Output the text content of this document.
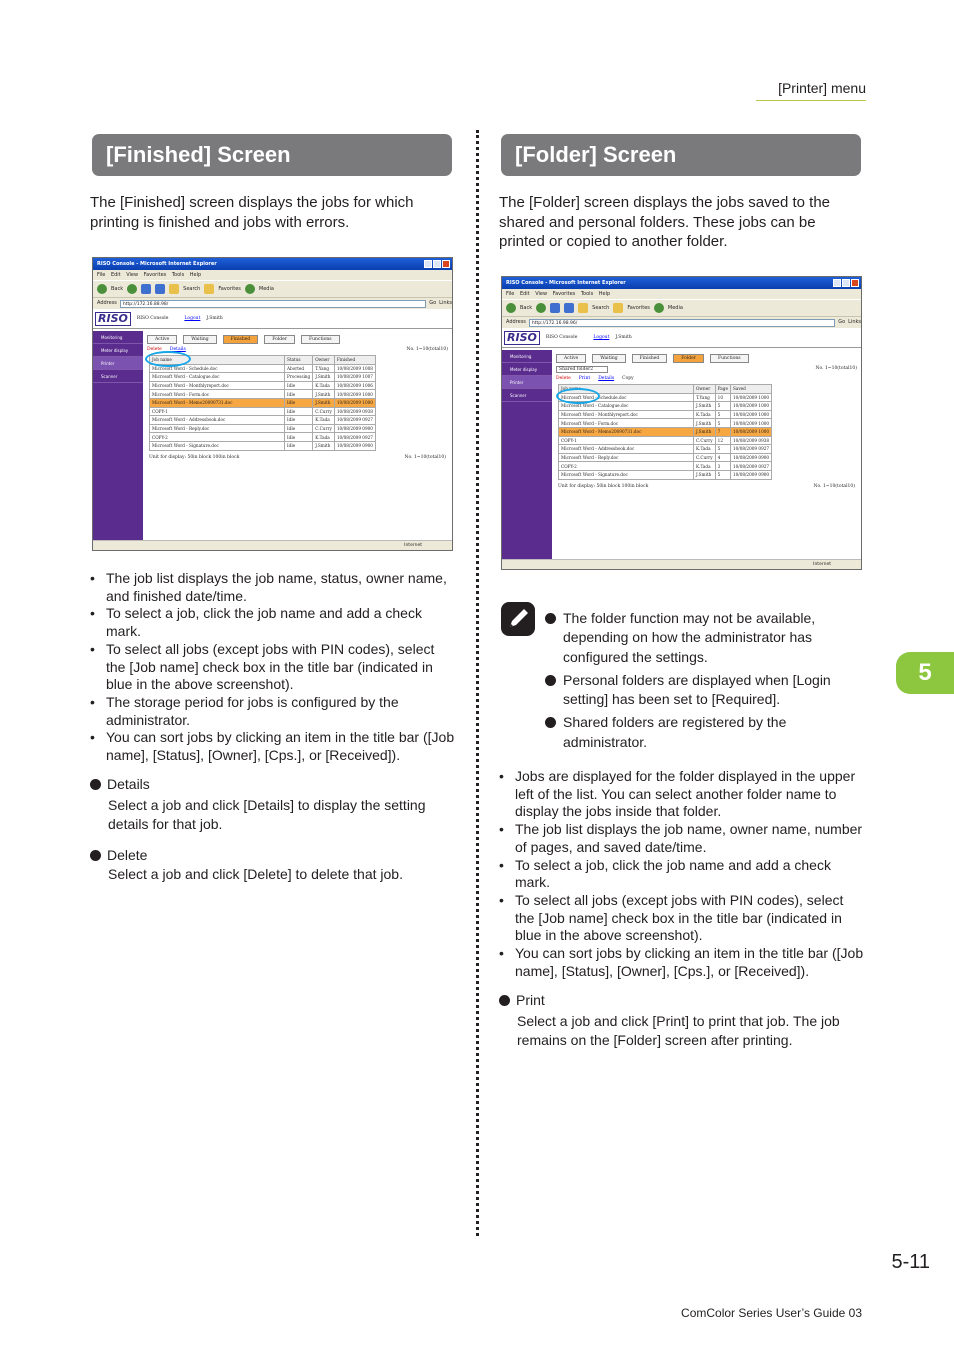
[Printer] menu
[Finished] Screen
The [Finished] screen displays the jobs for which printing is finished and jobs with errors.
RISO Console - Microsoft Internet Explorer
File Edit View Favorites Tools Help
Back	Search	Favorites	Media
Address	http://172.16.88.98/	Go Links
RISO	RISO Console	Logout J.Smith
Monitoring
Meter display
Printer
Scanner
Active	Waiting	Finished	Folder	Functions
Delete Details	No. 1~10(total10)
Job name	Status	Owner	Finished
Microsoft Word - Schedule.doc	Aborted	T.Yang	10/08/2009 1008
Microsoft Word - Catalogue.doc	Processing	J.Smith	10/08/2009 1007
Microsoft Word - Monthlyreport.doc	Idle	K.Tada	10/08/2009 1006
Microsoft Word - Form.doc	Idle	J.Smith	10/08/2009 1000
Microsoft Word - Memo20090731.doc	Idle	J.Smith	10/08/2009 1000
COPY-1	Idle	C.Curry	10/08/2009 0938
Microsoft Word - Addressbook.doc	Idle	K.Tada	10/08/2009 0927
Microsoft Word - Reply.doc	Idle	C.Curry	10/08/2009 0900
COPY-2	Idle	K.Tada	10/08/2009 0927
Microsoft Word - Signature.doc	Idle	J.Smith	10/08/2009 0900
Unit for display:
50in block
100in block	No. 1~10(total10)
Internet
• The job list displays the job name, status, owner name, and finished date/time.
• To select a job, click the job name and add a check mark.
• To select all jobs (except jobs with PIN codes), select the [Job name] check box in the title bar (indicated in blue in the above screenshot).
• The storage period for jobs is configured by the administrator.
• You can sort jobs by clicking an item in the title bar ([Job name], [Status], [Owner], [Cps.], or [Received]).
Details
Select a job and click [Details] to display the setting details for that job.
Delete
Select a job and click [Delete] to delete that job.
[Folder] Screen
The [Folder] screen displays the jobs saved to the shared and personal folders. These jobs can be printed or copied to another folder.
RISO Console - Microsoft Internet Explorer
File Edit View Favorites Tools Help
Back	Search	Favorites	Media
Address	http://172.16.98.96/	Go Links
RISO	RISO Console	Logout J.Smith
Monitoring
Meter display
Printer
Scanner
Active	Waiting	Finished	Folder	Functions
Shared folder2	No. 1~10(total10)
Delete Print Details Copy
Job name	Owner	Page	Saved
Microsoft Word - Schedule.doc	T.Yang	10	10/08/2009 1000
Microsoft Word - Catalogue.doc	J.Smith	5	10/08/2009 1000
Microsoft Word - Monthlyreport.doc	K.Tada	5	10/08/2009 1000
Microsoft Word - Form.doc	J.Smith	5	10/08/2009 1000
Microsoft Word - Memo20090731.doc	J.Smith	7	10/08/2009 1000
COPY-1	C.Curry	12	10/08/2009 0938
Microsoft Word - Addressbook.doc	K.Tada	5	10/08/2009 0927
Microsoft Word - Reply.doc	C.Curry	4	10/08/2009 0900
COPY-2	K.Tada	3	10/08/2009 0927
Microsoft Word - Signature.doc	J.Smith	5	10/08/2009 0900
Unit for display:
50in block
100in block	No. 1~10(total10)
Internet
The folder function may not be available, depending on how the administrator has configured the settings.
Personal folders are displayed when [Login setting] has been set to [Required].
Shared folders are registered by the administrator.
• Jobs are displayed for the folder displayed in the upper left of the list. You can select another folder name to display the jobs inside that folder.
• The job list displays the job name, owner name, number of pages, and saved date/time.
• To select a job, click the job name and add a check mark.
• To select all jobs (except jobs with PIN codes), select the [Job name] check box in the title bar (indicated in blue in the above screenshot).
• You can sort jobs by clicking an item in the title bar ([Job name], [Status], [Owner], [Cps.], or [Received]).
Print
Select a job and click [Print] to print that job. The job remains on the [Folder] screen after printing.
5
5-11
ComColor Series User’s Guide 03
